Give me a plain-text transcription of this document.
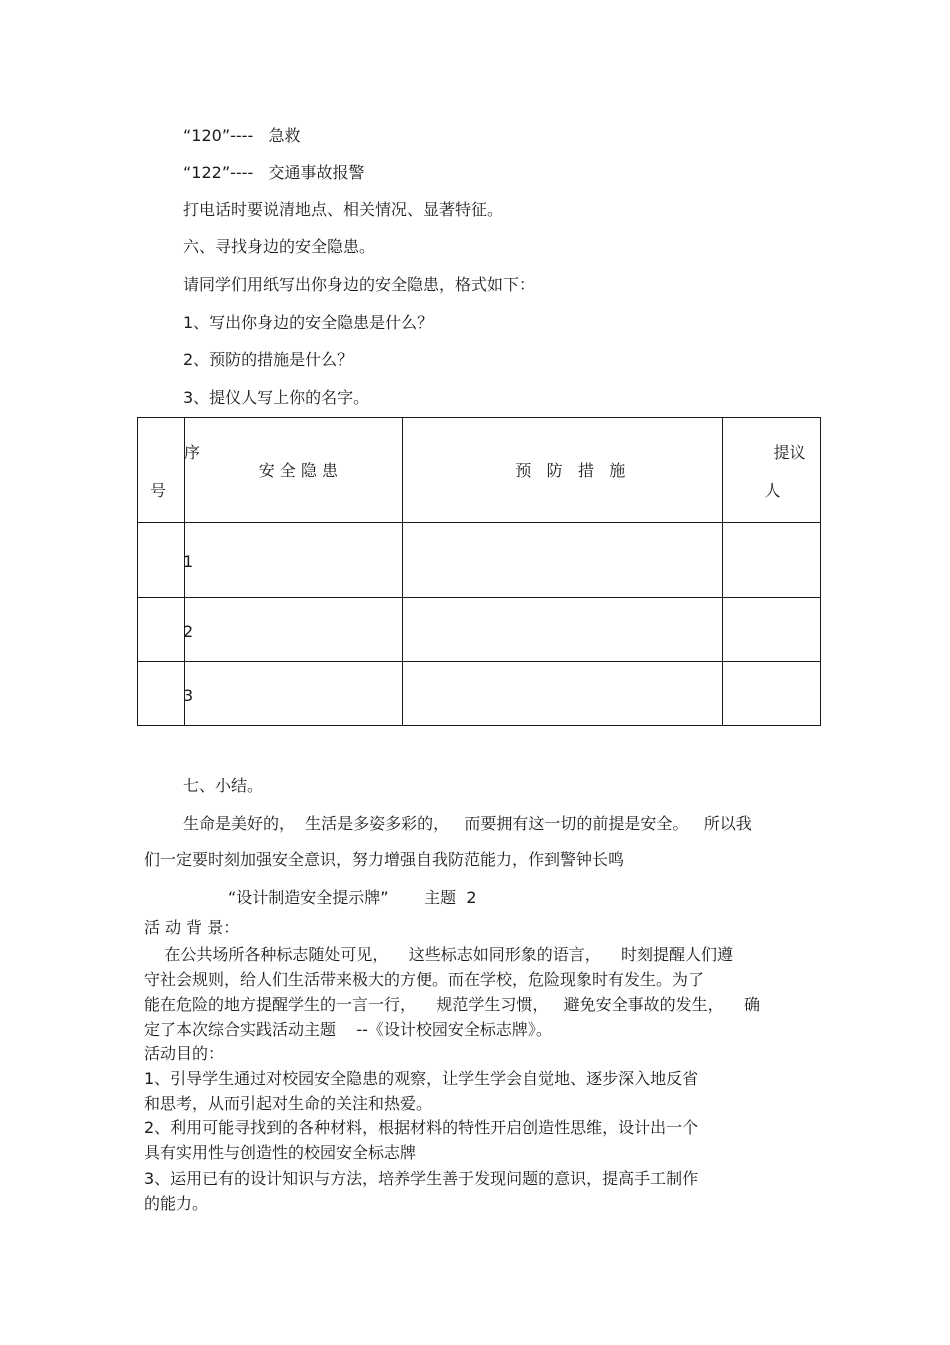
“120”----   急救
“122”----   交通事故报警
打电话时要说清地点、相关情况、显著特征。
六、寻找身边的安全隐患。
请同学们用纸写出你身边的安全隐患，格式如下：
1、写出你身边的安全隐患是什么？
2、预防的措施是什么？
3、提仪人写上你的名字。
序
号	安 全 隐 患	预   防   措   施	提议
人

1			

2			

3			

七、小结。
生命是美好的，  生活是多姿多彩的，   而要拥有这一切的前提是安全。   所以我
们一定要时刻加强安全意识，努力增强自我防范能力，作到警钟长鸣
“设计制造安全提示牌”       主题  2
活 动 背 景：
在公共场所各种标志随处可见，    这些标志如同形象的语言，    时刻提醒人们遵
守社会规则，给人们生活带来极大的方便。而在学校，危险现象时有发生。为了
能在危险的地方提醒学生的一言一行，    规范学生习惯，   避免安全事故的发生，    确
定了本次综合实践活动主题    --《设计校园安全标志牌》。
活动目的：
1、引导学生通过对校园安全隐患的观察，让学生学会自觉地、逐步深入地反省
和思考，从而引起对生命的关注和热爱。
2、利用可能寻找到的各种材料，根据材料的特性开启创造性思维，设计出一个
具有实用性与创造性的校园安全标志牌
3、运用已有的设计知识与方法，培养学生善于发现问题的意识，提高手工制作
的能力。
